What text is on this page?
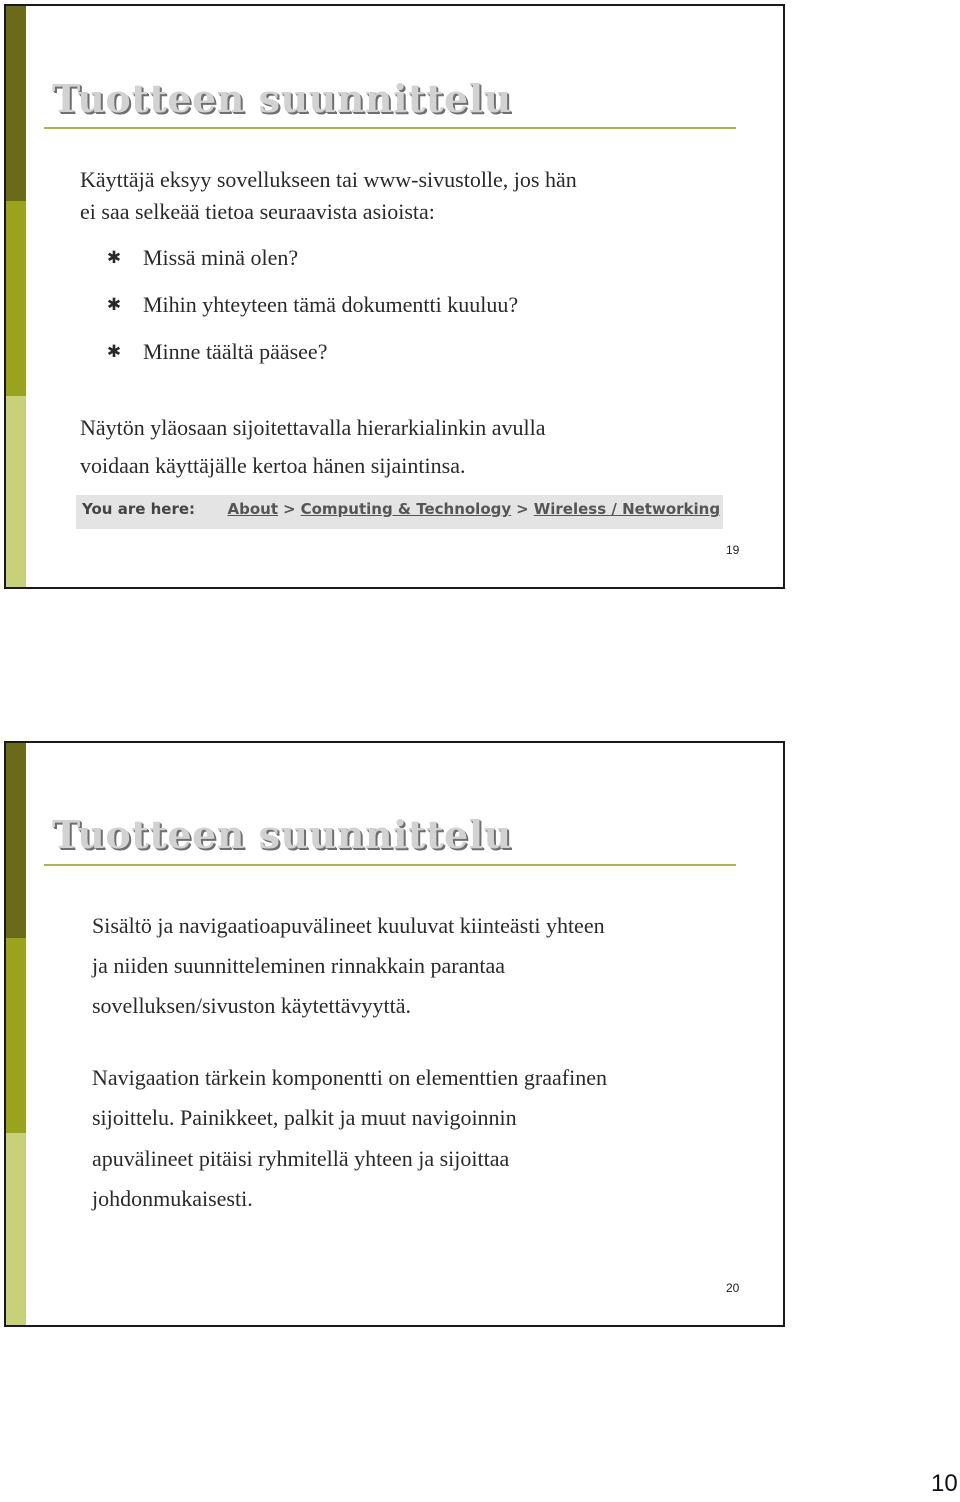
Tuotteen suunnittelu

Käyttäjä eksyy sovellukseen tai www-sivustolle, jos hän

ei saa selkeää tietoa seuraavista asioista:

✱ Missä minä olen?
✱ Mihin yhteyteen tämä dokumentti kuuluu?
✱ Minne täältä pääsee?

Näytön yläosaan sijoitettavalla hierarkialinkin avulla

voidaan käyttäjälle kertoa hänen sijaintinsa.

You are here: About > Computing & Technology > Wireless / Networking
19
Tuotteen suunnittelu

Sisältö ja navigaatioapuvälineet kuuluvat kiinteästi yhteen

ja niiden suunnitteleminen rinnakkain parantaa

sovelluksen/sivuston käytettävyyttä.

Navigaation tärkein komponentti on elementtien graafinen

sijoittelu. Painikkeet, palkit ja muut navigoinnin

apuvälineet pitäisi ryhmitellä yhteen ja sijoittaa

johdonmukaisesti.

20
10
